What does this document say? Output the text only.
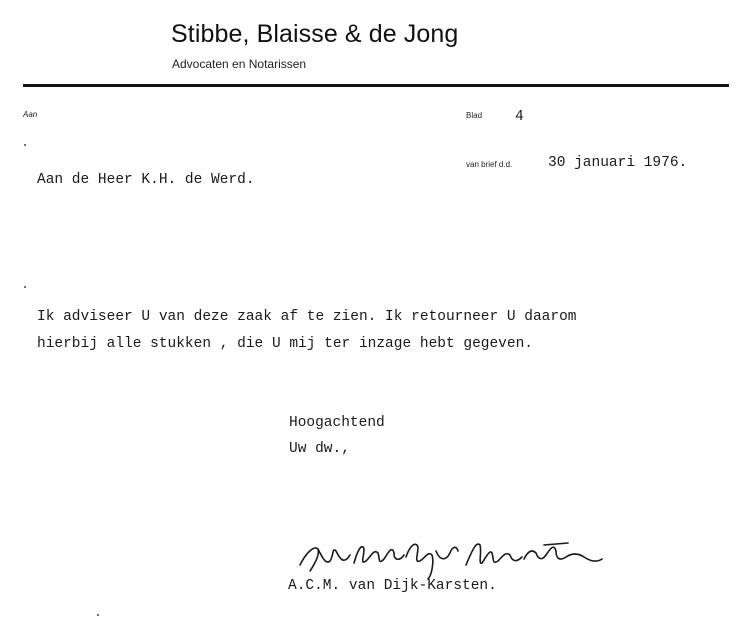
Stibbe, Blaisse & de Jong
Advocaten en Notarissen
Aan	Blad 4
van brief d.d. 30 januari 1976.
Aan de Heer K.H. de Werd.
Ik adviseer U van deze zaak af te zien. Ik retourneer U daarom
hierbij alle stukken , die U mij ter inzage hebt gegeven.
Hoogachtend
Uw dw.,
A.C.M. van Dijk-Karsten.
